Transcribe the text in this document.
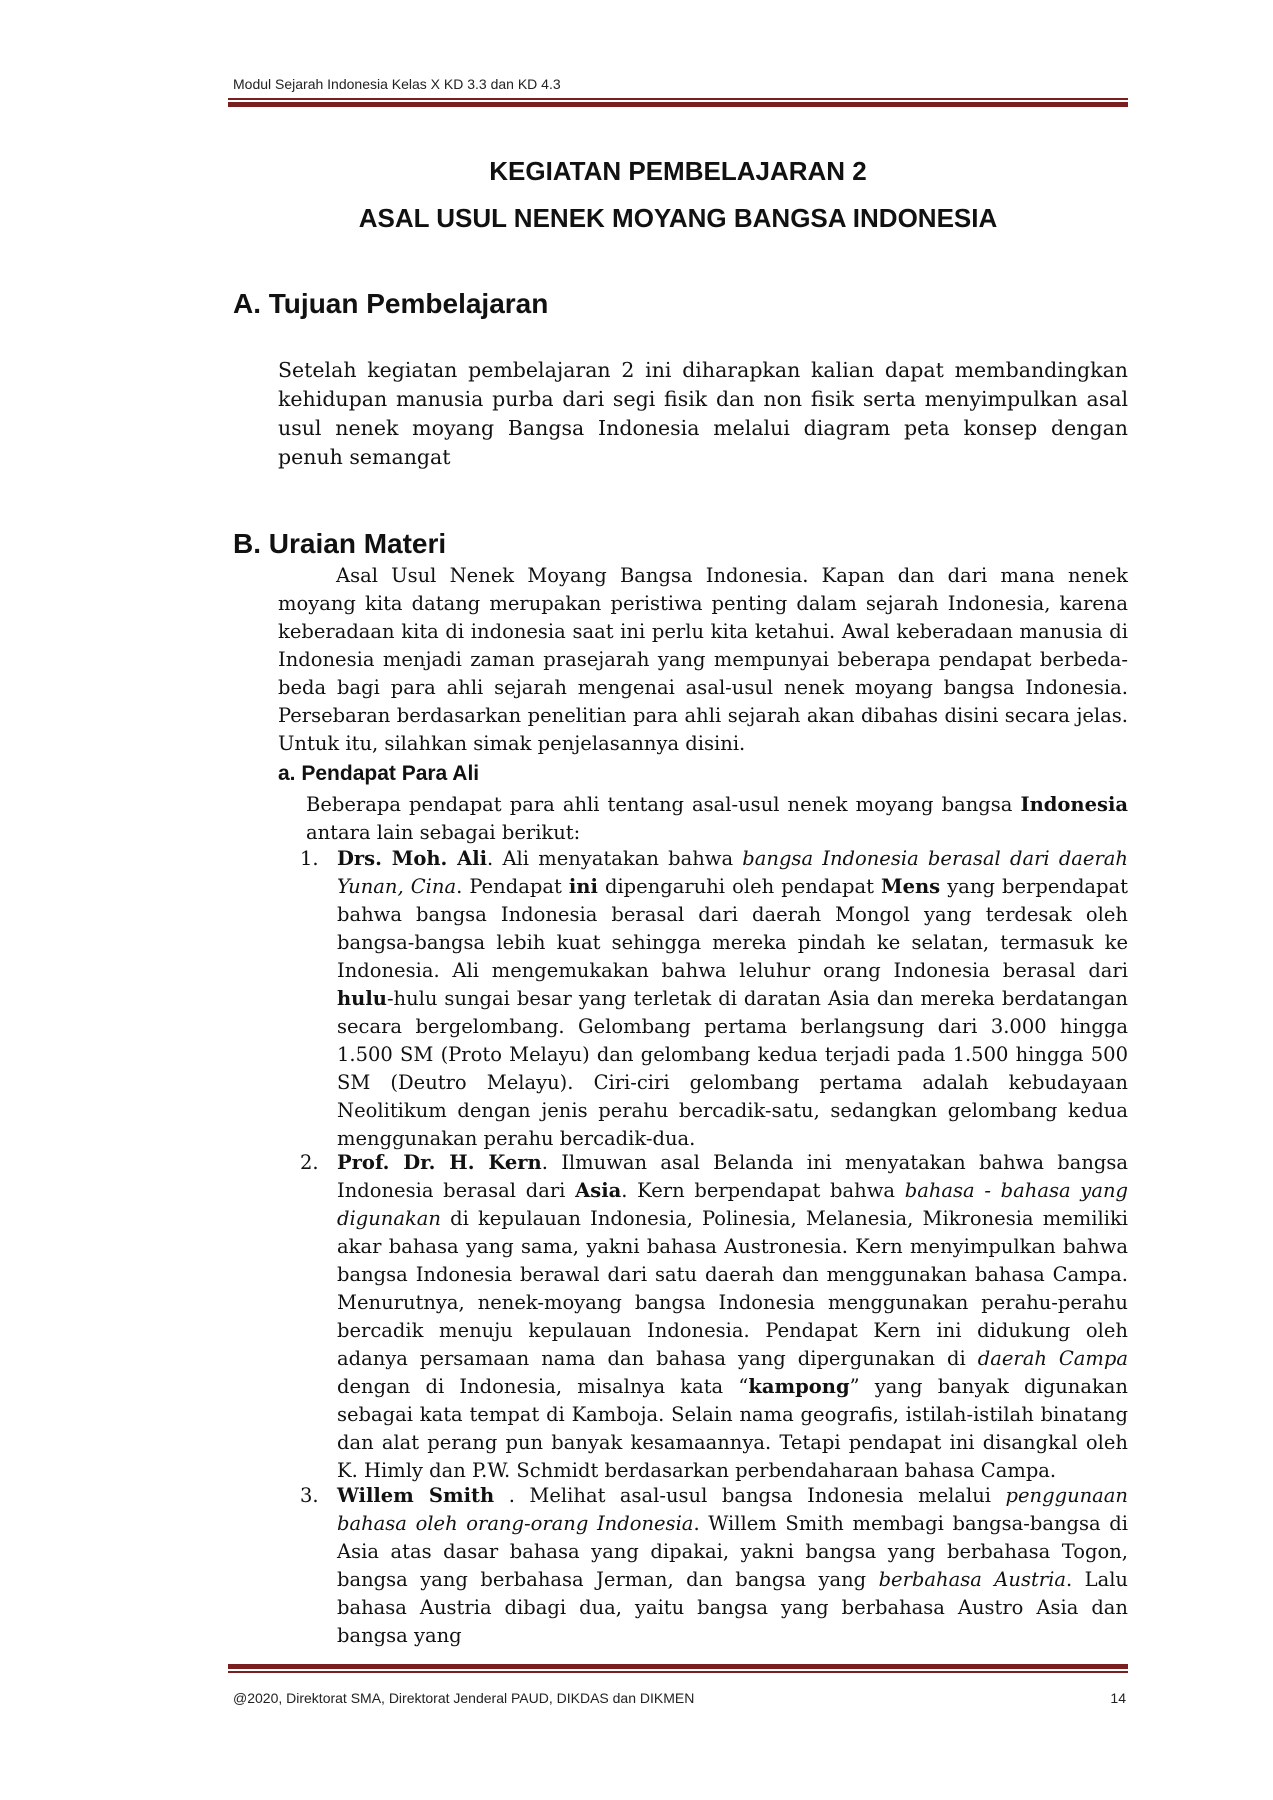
Modul Sejarah Indonesia Kelas X KD 3.3 dan KD 4.3
KEGIATAN PEMBELAJARAN 2
ASAL USUL NENEK MOYANG BANGSA INDONESIA
A. Tujuan Pembelajaran
Setelah kegiatan pembelajaran 2 ini diharapkan kalian dapat membandingkan kehidupan manusia purba dari segi fisik dan non fisik serta menyimpulkan asal usul nenek moyang Bangsa Indonesia melalui diagram peta konsep dengan penuh semangat
B. Uraian Materi
Asal Usul Nenek Moyang Bangsa Indonesia. Kapan dan dari mana nenek moyang kita datang merupakan peristiwa penting dalam sejarah Indonesia, karena keberadaan kita di indonesia saat ini perlu kita ketahui. Awal keberadaan manusia di Indonesia menjadi zaman prasejarah yang mempunyai beberapa pendapat berbeda-beda bagi para ahli sejarah mengenai asal-usul nenek moyang bangsa Indonesia. Persebaran berdasarkan penelitian para ahli sejarah akan dibahas disini secara jelas. Untuk itu, silahkan simak penjelasannya disini.
a. Pendapat Para Ali
Beberapa pendapat para ahli tentang asal-usul nenek moyang bangsa Indonesia antara lain sebagai berikut:
1. Drs. Moh. Ali. Ali menyatakan bahwa bangsa Indonesia berasal dari daerah Yunan, Cina. Pendapat ini dipengaruhi oleh pendapat Mens yang berpendapat bahwa bangsa Indonesia berasal dari daerah Mongol yang terdesak oleh bangsa-bangsa lebih kuat sehingga mereka pindah ke selatan, termasuk ke Indonesia. Ali mengemukakan bahwa leluhur orang Indonesia berasal dari hulu-hulu sungai besar yang terletak di daratan Asia dan mereka berdatangan secara bergelombang. Gelombang pertama berlangsung dari 3.000 hingga 1.500 SM (Proto Melayu) dan gelombang kedua terjadi pada 1.500 hingga 500 SM (Deutro Melayu). Ciri-ciri gelombang pertama adalah kebudayaan Neolitikum dengan jenis perahu bercadik-satu, sedangkan gelombang kedua menggunakan perahu bercadik-dua.
2. Prof. Dr. H. Kern. Ilmuwan asal Belanda ini menyatakan bahwa bangsa Indonesia berasal dari Asia. Kern berpendapat bahwa bahasa - bahasa yang digunakan di kepulauan Indonesia, Polinesia, Melanesia, Mikronesia memiliki akar bahasa yang sama, yakni bahasa Austronesia. Kern menyimpulkan bahwa bangsa Indonesia berawal dari satu daerah dan menggunakan bahasa Campa. Menurutnya, nenek-moyang bangsa Indonesia menggunakan perahu-perahu bercadik menuju kepulauan Indonesia. Pendapat Kern ini didukung oleh adanya persamaan nama dan bahasa yang dipergunakan di daerah Campa dengan di Indonesia, misalnya kata “kampong” yang banyak digunakan sebagai kata tempat di Kamboja. Selain nama geografis, istilah-istilah binatang dan alat perang pun banyak kesamaannya. Tetapi pendapat ini disangkal oleh K. Himly dan P.W. Schmidt berdasarkan perbendaharaan bahasa Campa.
3. Willem Smith . Melihat asal-usul bangsa Indonesia melalui penggunaan bahasa oleh orang-orang Indonesia. Willem Smith membagi bangsa-bangsa di Asia atas dasar bahasa yang dipakai, yakni bangsa yang berbahasa Togon, bangsa yang berbahasa Jerman, dan bangsa yang berbahasa Austria. Lalu bahasa Austria dibagi dua, yaitu bangsa yang berbahasa Austro Asia dan bangsa yang
@2020, Direktorat SMA, Direktorat Jenderal PAUD, DIKDAS dan DIKMEN	14
